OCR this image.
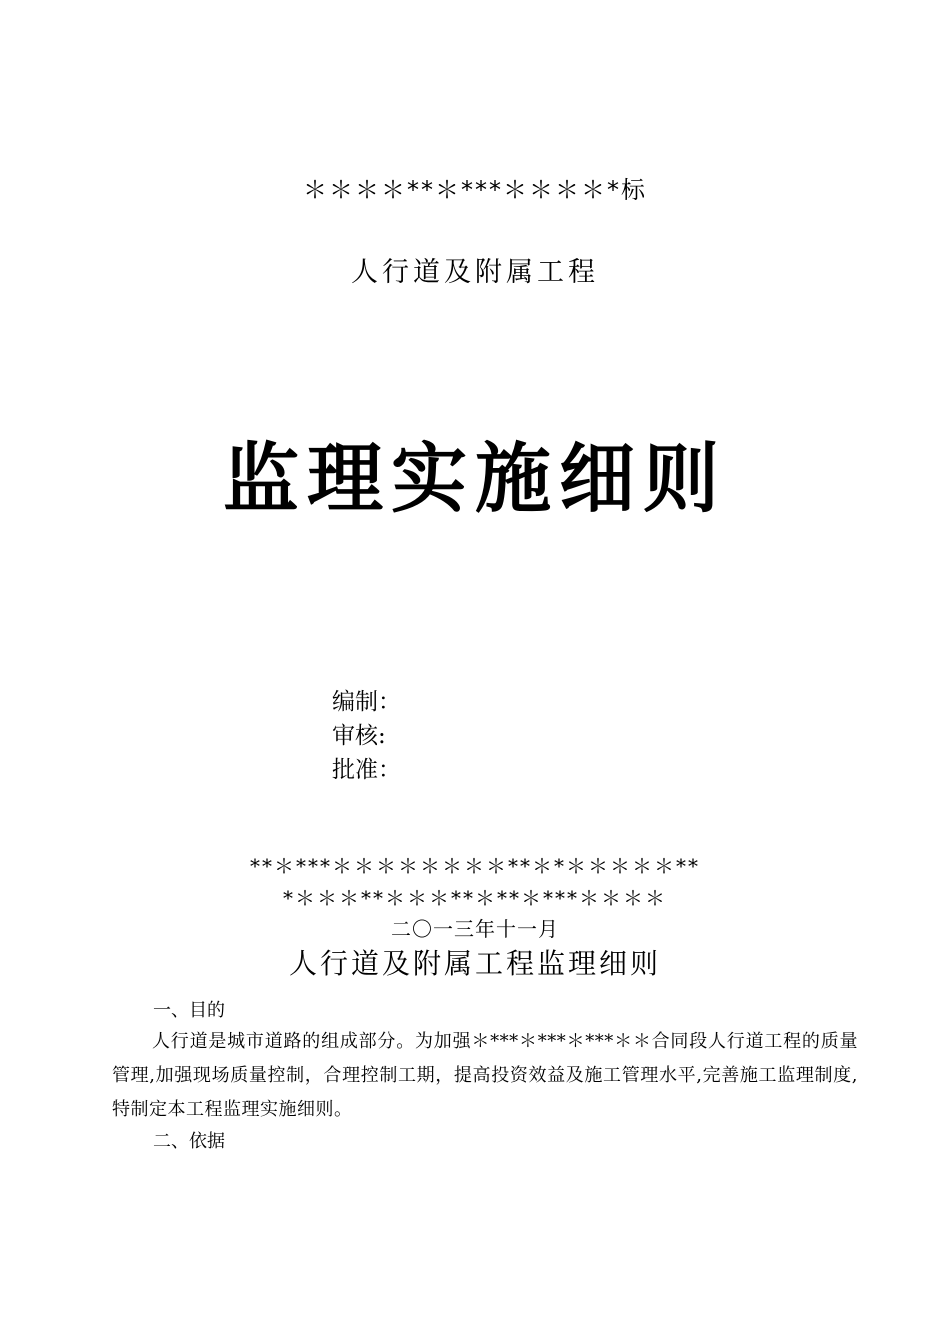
＊＊＊＊**＊***＊＊＊＊*标
人行道及附属工程
监理实施细则
编制：
审核:
批准：
**＊***＊＊＊＊＊＊＊＊**＊*＊＊＊＊＊**
*＊＊＊**＊＊＊**＊**＊***＊＊＊＊
二〇一三年十一月
人行道及附属工程监理细则
一、目的
人行道是城市道路的组成部分。为加强＊***＊***＊***＊＊合同段人行道工程的质量管理,加强现场质量控制，合理控制工期，提高投资效益及施工管理水平,完善施工监理制度,特制定本工程监理实施细则。
二、依据
